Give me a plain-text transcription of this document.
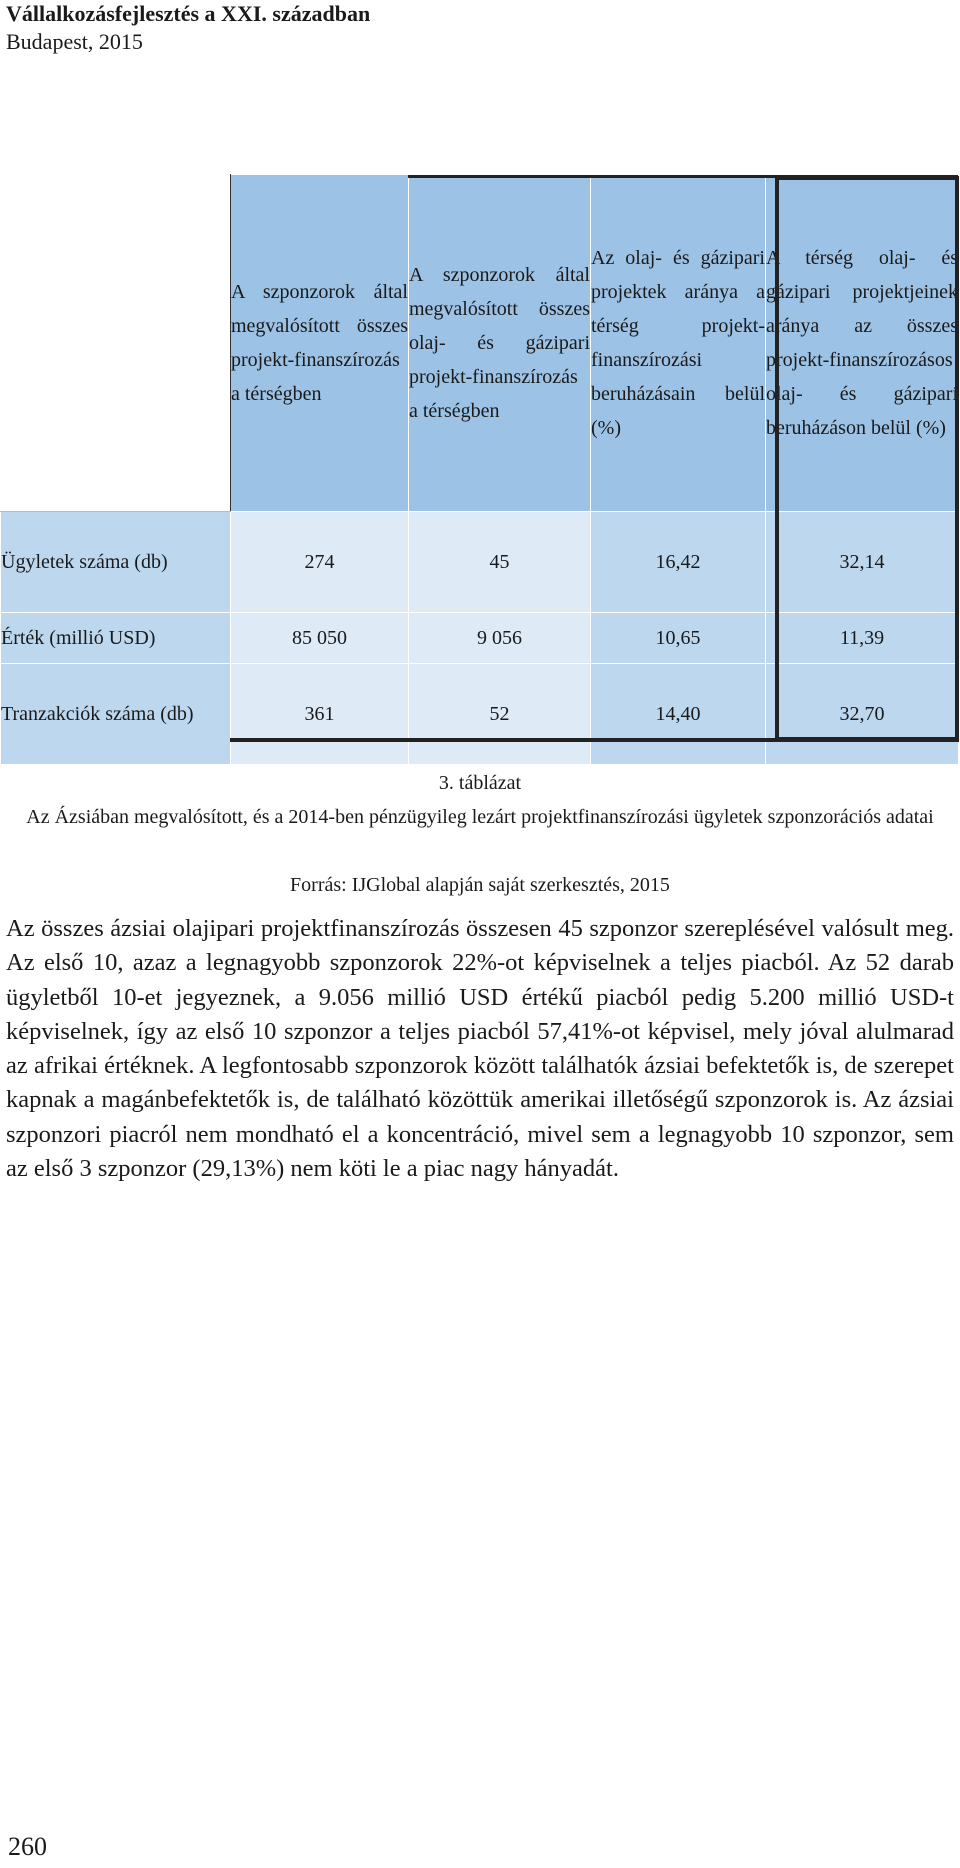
Vállalkozásfejlesztés a XXI. században
Budapest, 2015
	A szponzorok által megvalósított összes projekt-finanszírozás a térségben	A szponzorok által megvalósított összes olaj- és gázipari projekt-finanszírozás a térségben	Az olaj- és gázipari projektek aránya a térség projekt-finanszírozási beruházásain belül (%)	A térség olaj- és gázipari projektjeinek aránya az összes projekt-finanszírozásos olaj- és gázipari beruházáson belül (%)
Ügyletek száma (db)	274	45	16,42	32,14
Érték (millió USD)	85 050	9 056	10,65	11,39
Tranzakciók száma (db)	361	52	14,40	32,70
3. táblázat
Az Ázsiában megvalósított, és a 2014-ben pénzügyileg lezárt projektfinanszírozási ügyletek szponzorációs adatai
Forrás: IJGlobal alapján saját szerkesztés, 2015

Az összes ázsiai olajipari projektfinanszírozás összesen 45 szponzor szereplésével valósult meg. Az első 10, azaz a legnagyobb szponzorok 22%-ot képviselnek a teljes piacból. Az 52 darab ügyletből 10-et jegyeznek, a 9.056 millió USD értékű piacból pedig 5.200 millió USD-t képviselnek, így az első 10 szponzor a teljes piacból 57,41%-ot képvisel, mely jóval alulmarad az afrikai értéknek. A legfontosabb szponzorok között találhatók ázsiai befektetők is, de szerepet kapnak a magánbefektetők is, de található közöttük amerikai illetőségű szponzorok is. Az ázsiai szponzori piacról nem mondható el a koncentráció, mivel sem a legnagyobb 10 szponzor, sem az első 3 szponzor (29,13%) nem köti le a piac nagy hányadát.

260
